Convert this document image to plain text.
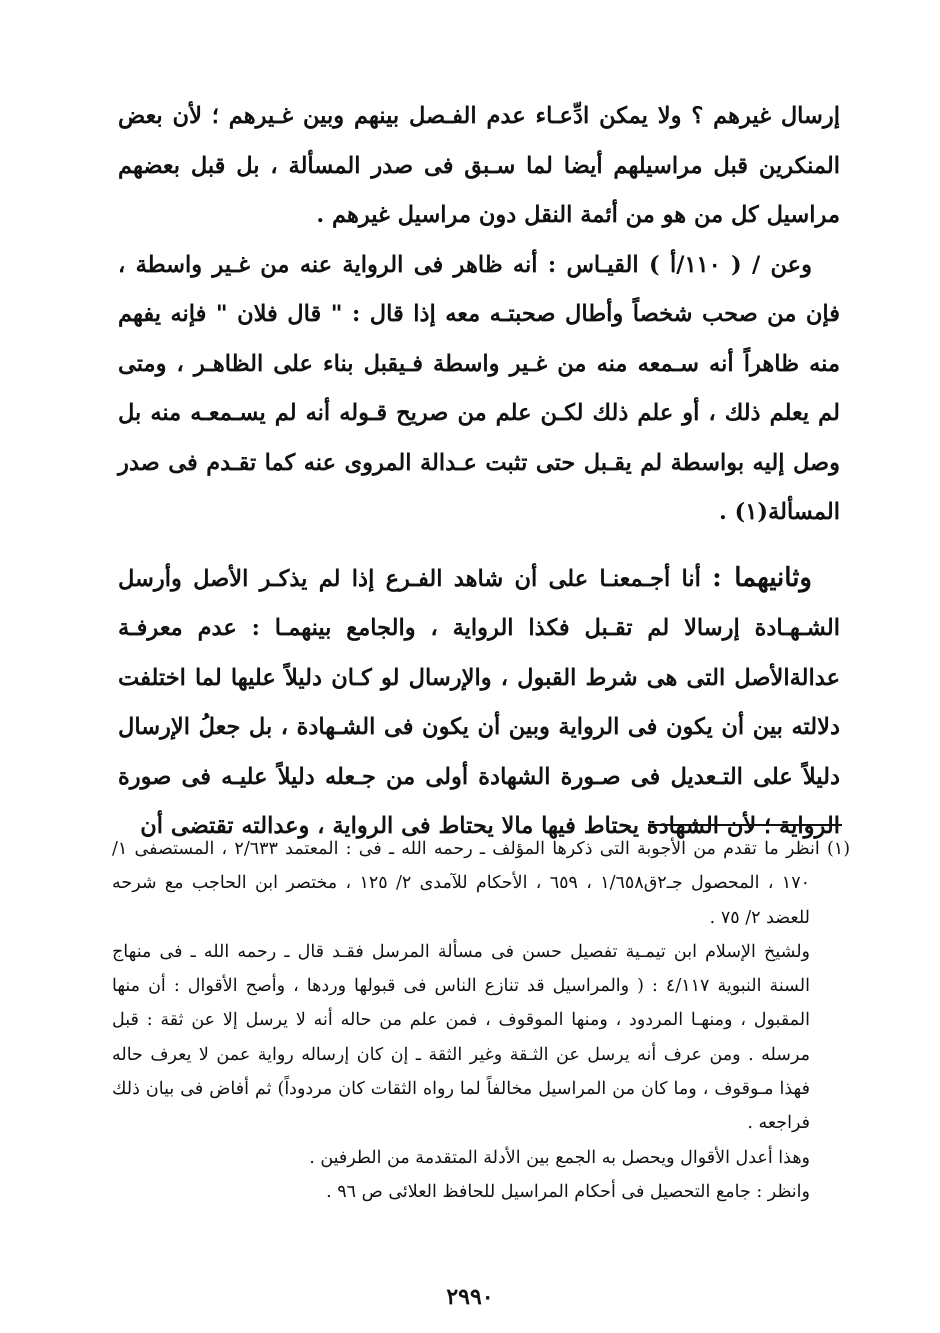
إرسال غيرهم ؟ ولا يمكن ادِّعـاء عدم الفـصل بينهم وبين غـيرهم ؛ لأن بعض المنكرين قبل مراسيلهم أيضا لما سـبق فى صدر المسألة ، بل قبل بعضهم مراسيل كل من هو من أئمة النقل دون مراسيل غيرهم .

وعن / ( ١١٠/أ ) القيـاس : أنه ظاهر فى الرواية عنه من غـير واسطة ، فإن من صحب شخصاً وأطال صحبتـه معه إذا قال : " قال فلان " فإنه يفهم منه ظاهراً أنه سـمعه منه من غـير واسطة فـيقبل بناء على الظاهـر ، ومتى لم يعلم ذلك ، أو علم ذلك لكـن علم من صريح قـوله أنه لم يسـمعـه منه بل وصل إليه بواسطة لم يقـبل حتى تثبت عـدالة المروى عنه كما تقـدم فى صدر المسألة(١) .

وثانيهما : أنا أجـمعنـا على أن شاهد الفـرع إذا لم يذكـر الأصل وأرسل الشـهـادة إرسالا لم تقـبل فكذا الرواية ، والجامع بينهمـا : عدم معرفـة عدالةالأصل التى هى شرط القبول ، والإرسال لو كـان دليلاً عليها لما اختلفت دلالته بين أن يكون فى الرواية وبين أن يكون فى الشـهادة ، بل جعلُ الإرسال دليلاً على التـعديل فى صـورة الشهادة أولى من جـعله دليلاً عليـه فى صورة الرواية ؛ لأن الشهادة يحتاط فيها مالا يحتاط فى الرواية ، وعدالته تقتضى أن

(١) انظر ما تقدم من الأجوبة التى ذكرها المؤلف ـ رحمه الله ـ فى : المعتمد ٢/٦٣٣ ، المستصفى ١/ ١٧٠ ، المحصول جـ٢ق١/٦٥٨ ، ٦٥٩ ، الأحكام للآمدى ٢/ ١٢٥ ، مختصر ابن الحاجب مع شرحه للعضد ٢/ ٧٥ .

ولشيخ الإسلام ابن تيمـية تفصيل حسن فى مسألة المرسل فقـد قال ـ رحمه الله ـ فى منهاج السنة النبوية ٤/١١٧ : ( والمراسيل قد تنازع الناس فى قبولها وردها ، وأصح الأقوال : أن منها المقبول ، ومنهـا المردود ، ومنها الموقوف ، فمن علم من حاله أنه لا يرسل إلا عن ثقة : قبل مرسله . ومن عرف أنه يرسل عن الثـقة وغير الثقة ـ إن كان إرساله رواية عمن لا يعرف حاله فهذا مـوقوف ، وما كان من المراسيل مخالفاً لما رواه الثقات كان مردوداً) ثم أفاض فى بيان ذلك فراجعه .

وهذا أعدل الأقوال ويحصل به الجمع بين الأدلة المتقدمة من الطرفين .

وانظر : جامع التحصيل فى أحكام المراسيل للحافظ العلائى ص ٩٦ .

٢٩٩٠
